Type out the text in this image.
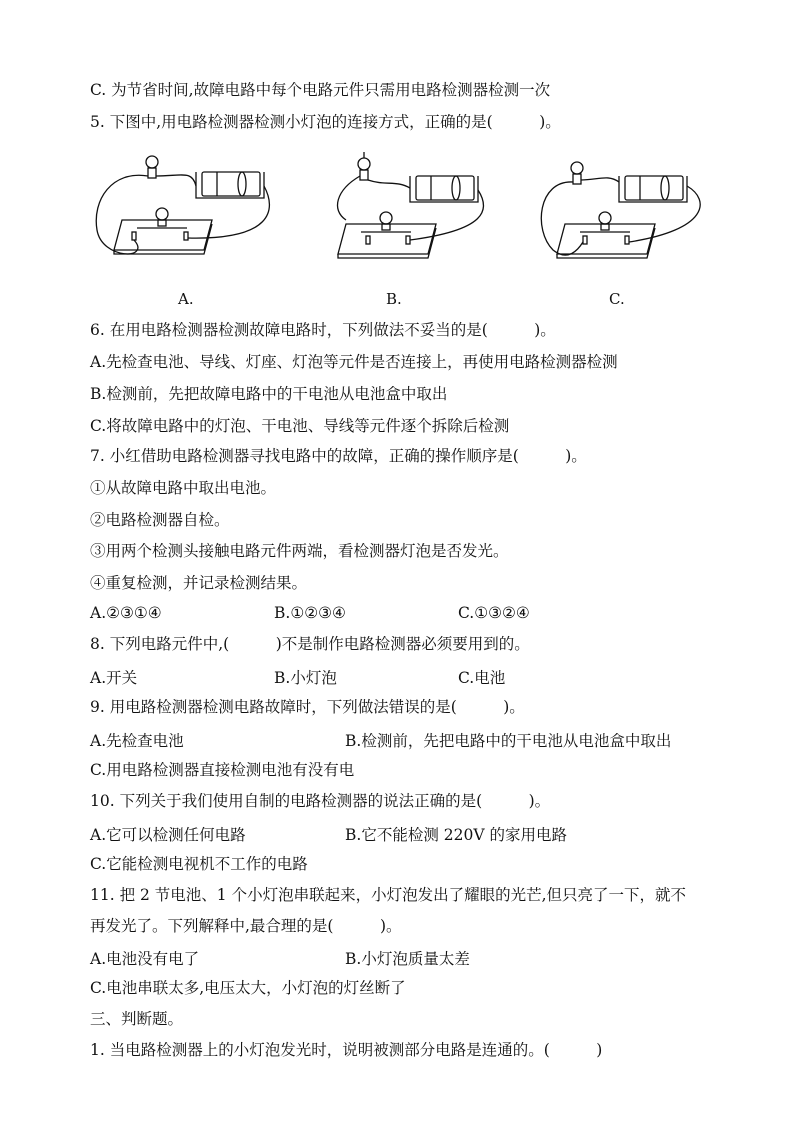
C. 为节省时间,故障电路中每个电路元件只需用电路检测器检测一次
5. 下图中,用电路检测器检测小灯泡的连接方式，正确的是(　　　)。
A.	B.	C.
6. 在用电路检测器检测故障电路时，下列做法不妥当的是(　　　)。
A.先检查电池、导线、灯座、灯泡等元件是否连接上，再使用电路检测器检测
B.检测前，先把故障电路中的干电池从电池盒中取出
C.将故障电路中的灯泡、干电池、导线等元件逐个拆除后检测
7. 小红借助电路检测器寻找电路中的故障，正确的操作顺序是(　　　)。
①从故障电路中取出电池。
②电路检测器自检。
③用两个检测头接触电路元件两端，看检测器灯泡是否发光。
④重复检测，并记录检测结果。
A.②③①④	B.①②③④	C.①③②④
8. 下列电路元件中,(　　　)不是制作电路检测器必须要用到的。
A.开关	B.小灯泡	C.电池
9. 用电路检测器检测电路故障时，下列做法错误的是(　　　)。
A.先检查电池	B.检测前，先把电路中的干电池从电池盒中取出
C.用电路检测器直接检测电池有没有电
10. 下列关于我们使用自制的电路检测器的说法正确的是(　　　)。
A.它可以检测任何电路	B.它不能检测 220V 的家用电路
C.它能检测电视机不工作的电路
11. 把 2 节电池、1 个小灯泡串联起来，小灯泡发出了耀眼的光芒,但只亮了一下，就不
再发光了。下列解释中,最合理的是(　　　)。
A.电池没有电了	B.小灯泡质量太差
C.电池串联太多,电压太大，小灯泡的灯丝断了
三、判断题。
1. 当电路检测器上的小灯泡发光时，说明被测部分电路是连通的。(　　　)
